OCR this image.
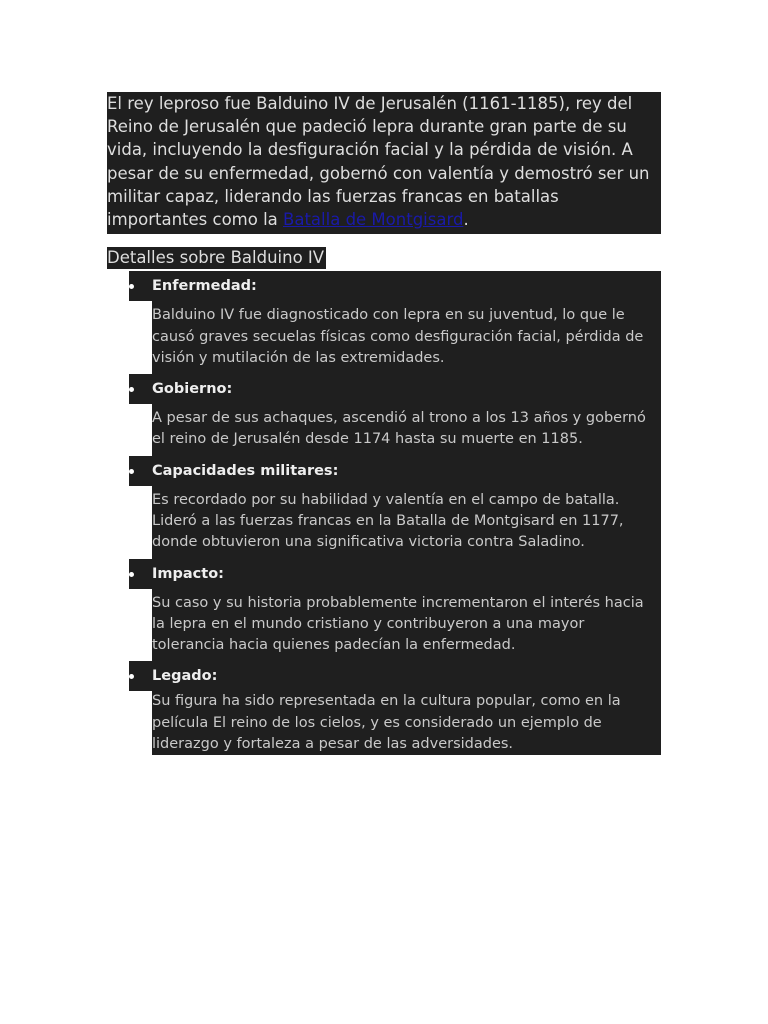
El rey leproso fue Balduino IV de Jerusalén (1161-1185), rey del Reino de Jerusalén que padeció lepra durante gran parte de su vida, incluyendo la desfiguración facial y la pérdida de visión. A pesar de su enfermedad, gobernó con valentía y demostró ser un militar capaz, liderando las fuerzas francas en batallas importantes como la Batalla de Montgisard.
Detalles sobre Balduino IV
Enfermedad:
Balduino IV fue diagnosticado con lepra en su juventud, lo que le causó graves secuelas físicas como desfiguración facial, pérdida de visión y mutilación de las extremidades.
Gobierno:
A pesar de sus achaques, ascendió al trono a los 13 años y gobernó el reino de Jerusalén desde 1174 hasta su muerte en 1185.
Capacidades militares:
Es recordado por su habilidad y valentía en el campo de batalla. Lideró a las fuerzas francas en la Batalla de Montgisard en 1177, donde obtuvieron una significativa victoria contra Saladino.
Impacto:
Su caso y su historia probablemente incrementaron el interés hacia la lepra en el mundo cristiano y contribuyeron a una mayor tolerancia hacia quienes padecían la enfermedad.
Legado:
Su figura ha sido representada en la cultura popular, como en la película El reino de los cielos, y es considerado un ejemplo de liderazgo y fortaleza a pesar de las adversidades.
